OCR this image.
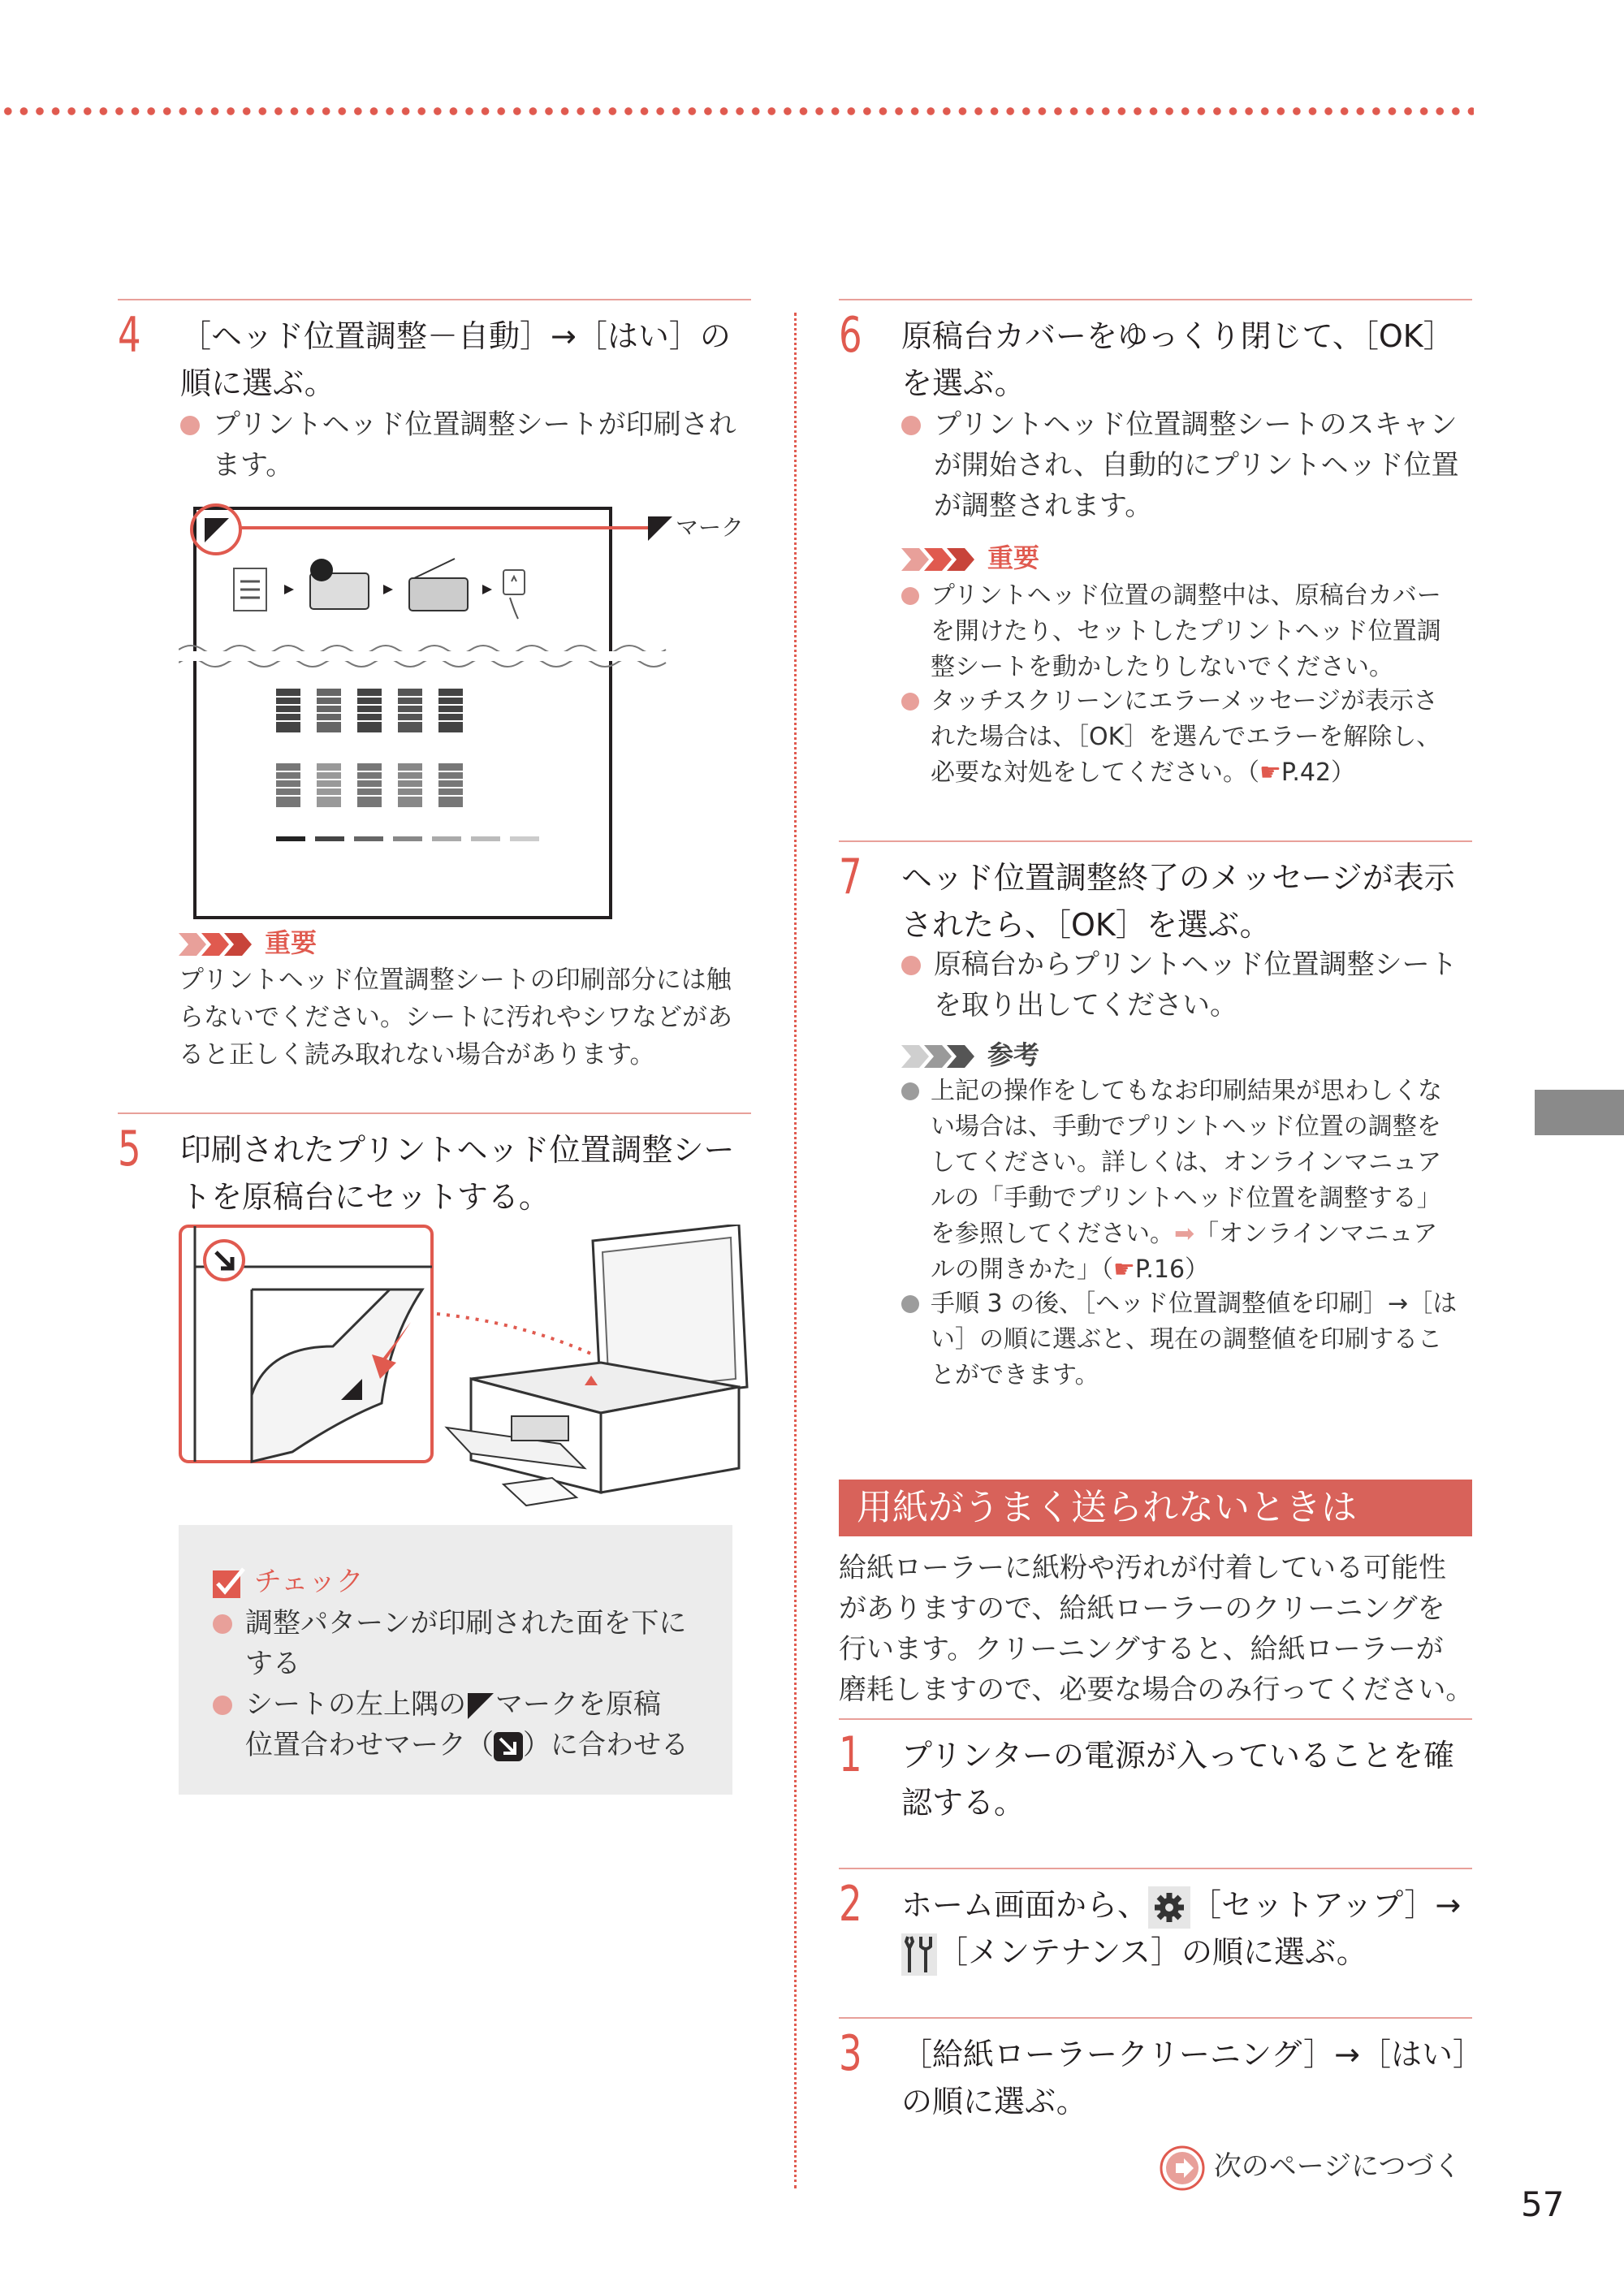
4 ［ヘッド位置調整－自動］→［はい］の
順に選ぶ。
プリントヘッド位置調整シートが印刷され
ます。
マーク
重要
プリントヘッド位置調整シートの印刷部分には触
らないでください。シートに汚れやシワなどがあ
ると正しく読み取れない場合があります。
5 印刷されたプリントヘッド位置調整シー
トを原稿台にセットする。
チェック
調整パターンが印刷された面を下に
する
シートの左上隅の マークを原稿
位置合わせマーク（ ）に合わせる
6 原稿台カバーをゆっくり閉じて、［OK］
を選ぶ。
プリントヘッド位置調整シートのスキャン
が開始され、自動的にプリントヘッド位置
が調整されます。
重要
プリントヘッド位置の調整中は、原稿台カバー
を開けたり、セットしたプリントヘッド位置調
整シートを動かしたりしないでください。
タッチスクリーンにエラーメッセージが表示さ
れた場合は、［OK］を選んでエラーを解除し、
必要な対処をしてください。（☛P.42）
7 ヘッド位置調整終了のメッセージが表示
されたら、［OK］を選ぶ。
原稿台からプリントヘッド位置調整シート
を取り出してください。
参考
上記の操作をしてもなお印刷結果が思わしくな
い場合は、手動でプリントヘッド位置の調整を
してください。詳しくは、オンラインマニュア
ルの「手動でプリントヘッド位置を調整する」
を参照してください。➡「オンラインマニュア
ルの開きかた」（☛P.16）
手順 3 の後、［ヘッド位置調整値を印刷］→［は
い］の順に選ぶと、現在の調整値を印刷するこ
とができます。
用紙がうまく送られないときは
給紙ローラーに紙粉や汚れが付着している可能性
がありますので、給紙ローラーのクリーニングを
行います。クリーニングすると、給紙ローラーが
磨耗しますので、必要な場合のみ行ってください。
1 プリンターの電源が入っていることを確
認する。
2 ホーム画面から、 ［セットアップ］→
［メンテナンス］の順に選ぶ。
3 ［給紙ローラークリーニング］→［はい］
の順に選ぶ。
次のページにつづく
57
